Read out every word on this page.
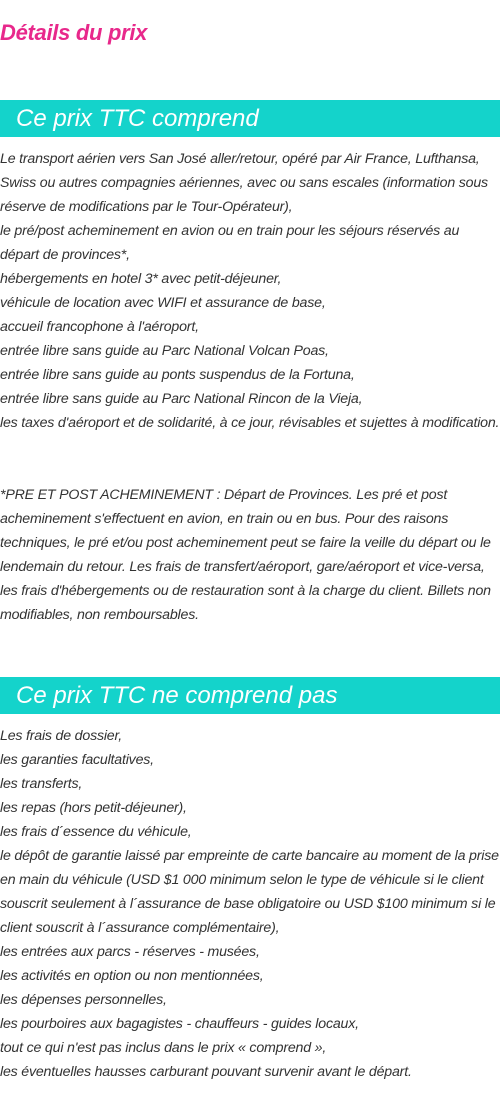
Détails du prix
Ce prix TTC comprend

Le transport aérien vers San José aller/retour, opéré par Air France, Lufthansa, Swiss ou autres compagnies aériennes, avec ou sans escales (information sous réserve de modifications par le Tour-Opérateur),

le pré/post acheminement en avion ou en train pour les séjours réservés au départ de provinces*,

hébergements en hotel 3* avec petit-déjeuner,

véhicule de location avec WIFI et assurance de base,

accueil francophone à l'aéroport,

entrée libre sans guide au Parc National Volcan Poas,

entrée libre sans guide au ponts suspendus de la Fortuna,

entrée libre sans guide au Parc National Rincon de la Vieja,

les taxes d'aéroport et de solidarité, à ce jour, révisables et sujettes à modification.

*PRE ET POST ACHEMINEMENT : Départ de Provinces. Les pré et post acheminement s'effectuent en avion, en train ou en bus. Pour des raisons techniques, le pré et/ou post acheminement peut se faire la veille du départ ou le lendemain du retour. Les frais de transfert/aéroport, gare/aéroport et vice-versa, les frais d'hébergements ou de restauration sont à la charge du client. Billets non modifiables, non remboursables.

Ce prix TTC ne comprend pas

Les frais de dossier,

les garanties facultatives,

les transferts,

les repas (hors petit-déjeuner),

les frais d´essence du véhicule,

le dépôt de garantie laissé par empreinte de carte bancaire au moment de la prise en main du véhicule (USD $1 000 minimum selon le type de véhicule si le client souscrit seulement à l´assurance de base obligatoire ou USD $100 minimum si le client souscrit à l´assurance complémentaire),

les entrées aux parcs - réserves - musées,

les activités en option ou non mentionnées,

les dépenses personnelles,

les pourboires aux bagagistes - chauffeurs - guides locaux,

tout ce qui n'est pas inclus dans le prix « comprend »,

les éventuelles hausses carburant pouvant survenir avant le départ.
